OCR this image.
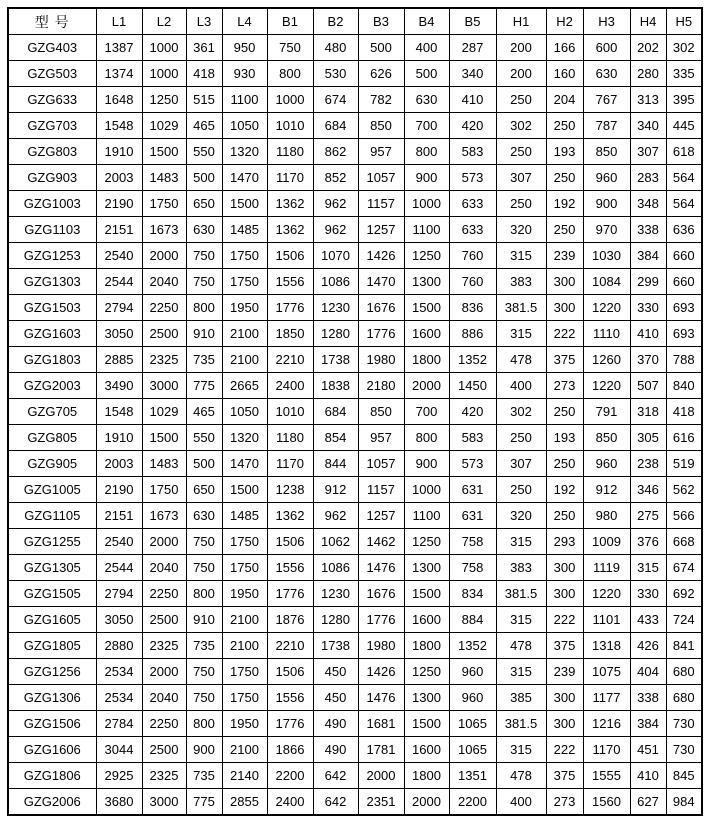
型 号	L1	L2	L3	L4	B1	B2	B3	B4	B5	H1	H2	H3	H4	H5
GZG403	1387	1000	361	950	750	480	500	400	287	200	166	600	202	302
GZG503	1374	1000	418	930	800	530	626	500	340	200	160	630	280	335
GZG633	1648	1250	515	1100	1000	674	782	630	410	250	204	767	313	395
GZG703	1548	1029	465	1050	1010	684	850	700	420	302	250	787	340	445
GZG803	1910	1500	550	1320	1180	862	957	800	583	250	193	850	307	618
GZG903	2003	1483	500	1470	1170	852	1057	900	573	307	250	960	283	564
GZG1003	2190	1750	650	1500	1362	962	1157	1000	633	250	192	900	348	564
GZG1103	2151	1673	630	1485	1362	962	1257	1100	633	320	250	970	338	636
GZG1253	2540	2000	750	1750	1506	1070	1426	1250	760	315	239	1030	384	660
GZG1303	2544	2040	750	1750	1556	1086	1470	1300	760	383	300	1084	299	660
GZG1503	2794	2250	800	1950	1776	1230	1676	1500	836	381.5	300	1220	330	693
GZG1603	3050	2500	910	2100	1850	1280	1776	1600	886	315	222	1110	410	693
GZG1803	2885	2325	735	2100	2210	1738	1980	1800	1352	478	375	1260	370	788
GZG2003	3490	3000	775	2665	2400	1838	2180	2000	1450	400	273	1220	507	840
GZG705	1548	1029	465	1050	1010	684	850	700	420	302	250	791	318	418
GZG805	1910	1500	550	1320	1180	854	957	800	583	250	193	850	305	616
GZG905	2003	1483	500	1470	1170	844	1057	900	573	307	250	960	238	519
GZG1005	2190	1750	650	1500	1238	912	1157	1000	631	250	192	912	346	562
GZG1105	2151	1673	630	1485	1362	962	1257	1100	631	320	250	980	275	566
GZG1255	2540	2000	750	1750	1506	1062	1462	1250	758	315	293	1009	376	668
GZG1305	2544	2040	750	1750	1556	1086	1476	1300	758	383	300	1119	315	674
GZG1505	2794	2250	800	1950	1776	1230	1676	1500	834	381.5	300	1220	330	692
GZG1605	3050	2500	910	2100	1876	1280	1776	1600	884	315	222	1101	433	724
GZG1805	2880	2325	735	2100	2210	1738	1980	1800	1352	478	375	1318	426	841
GZG1256	2534	2000	750	1750	1506	450	1426	1250	960	315	239	1075	404	680
GZG1306	2534	2040	750	1750	1556	450	1476	1300	960	385	300	1177	338	680
GZG1506	2784	2250	800	1950	1776	490	1681	1500	1065	381.5	300	1216	384	730
GZG1606	3044	2500	900	2100	1866	490	1781	1600	1065	315	222	1170	451	730
GZG1806	2925	2325	735	2140	2200	642	2000	1800	1351	478	375	1555	410	845
GZG2006	3680	3000	775	2855	2400	642	2351	2000	2200	400	273	1560	627	984
